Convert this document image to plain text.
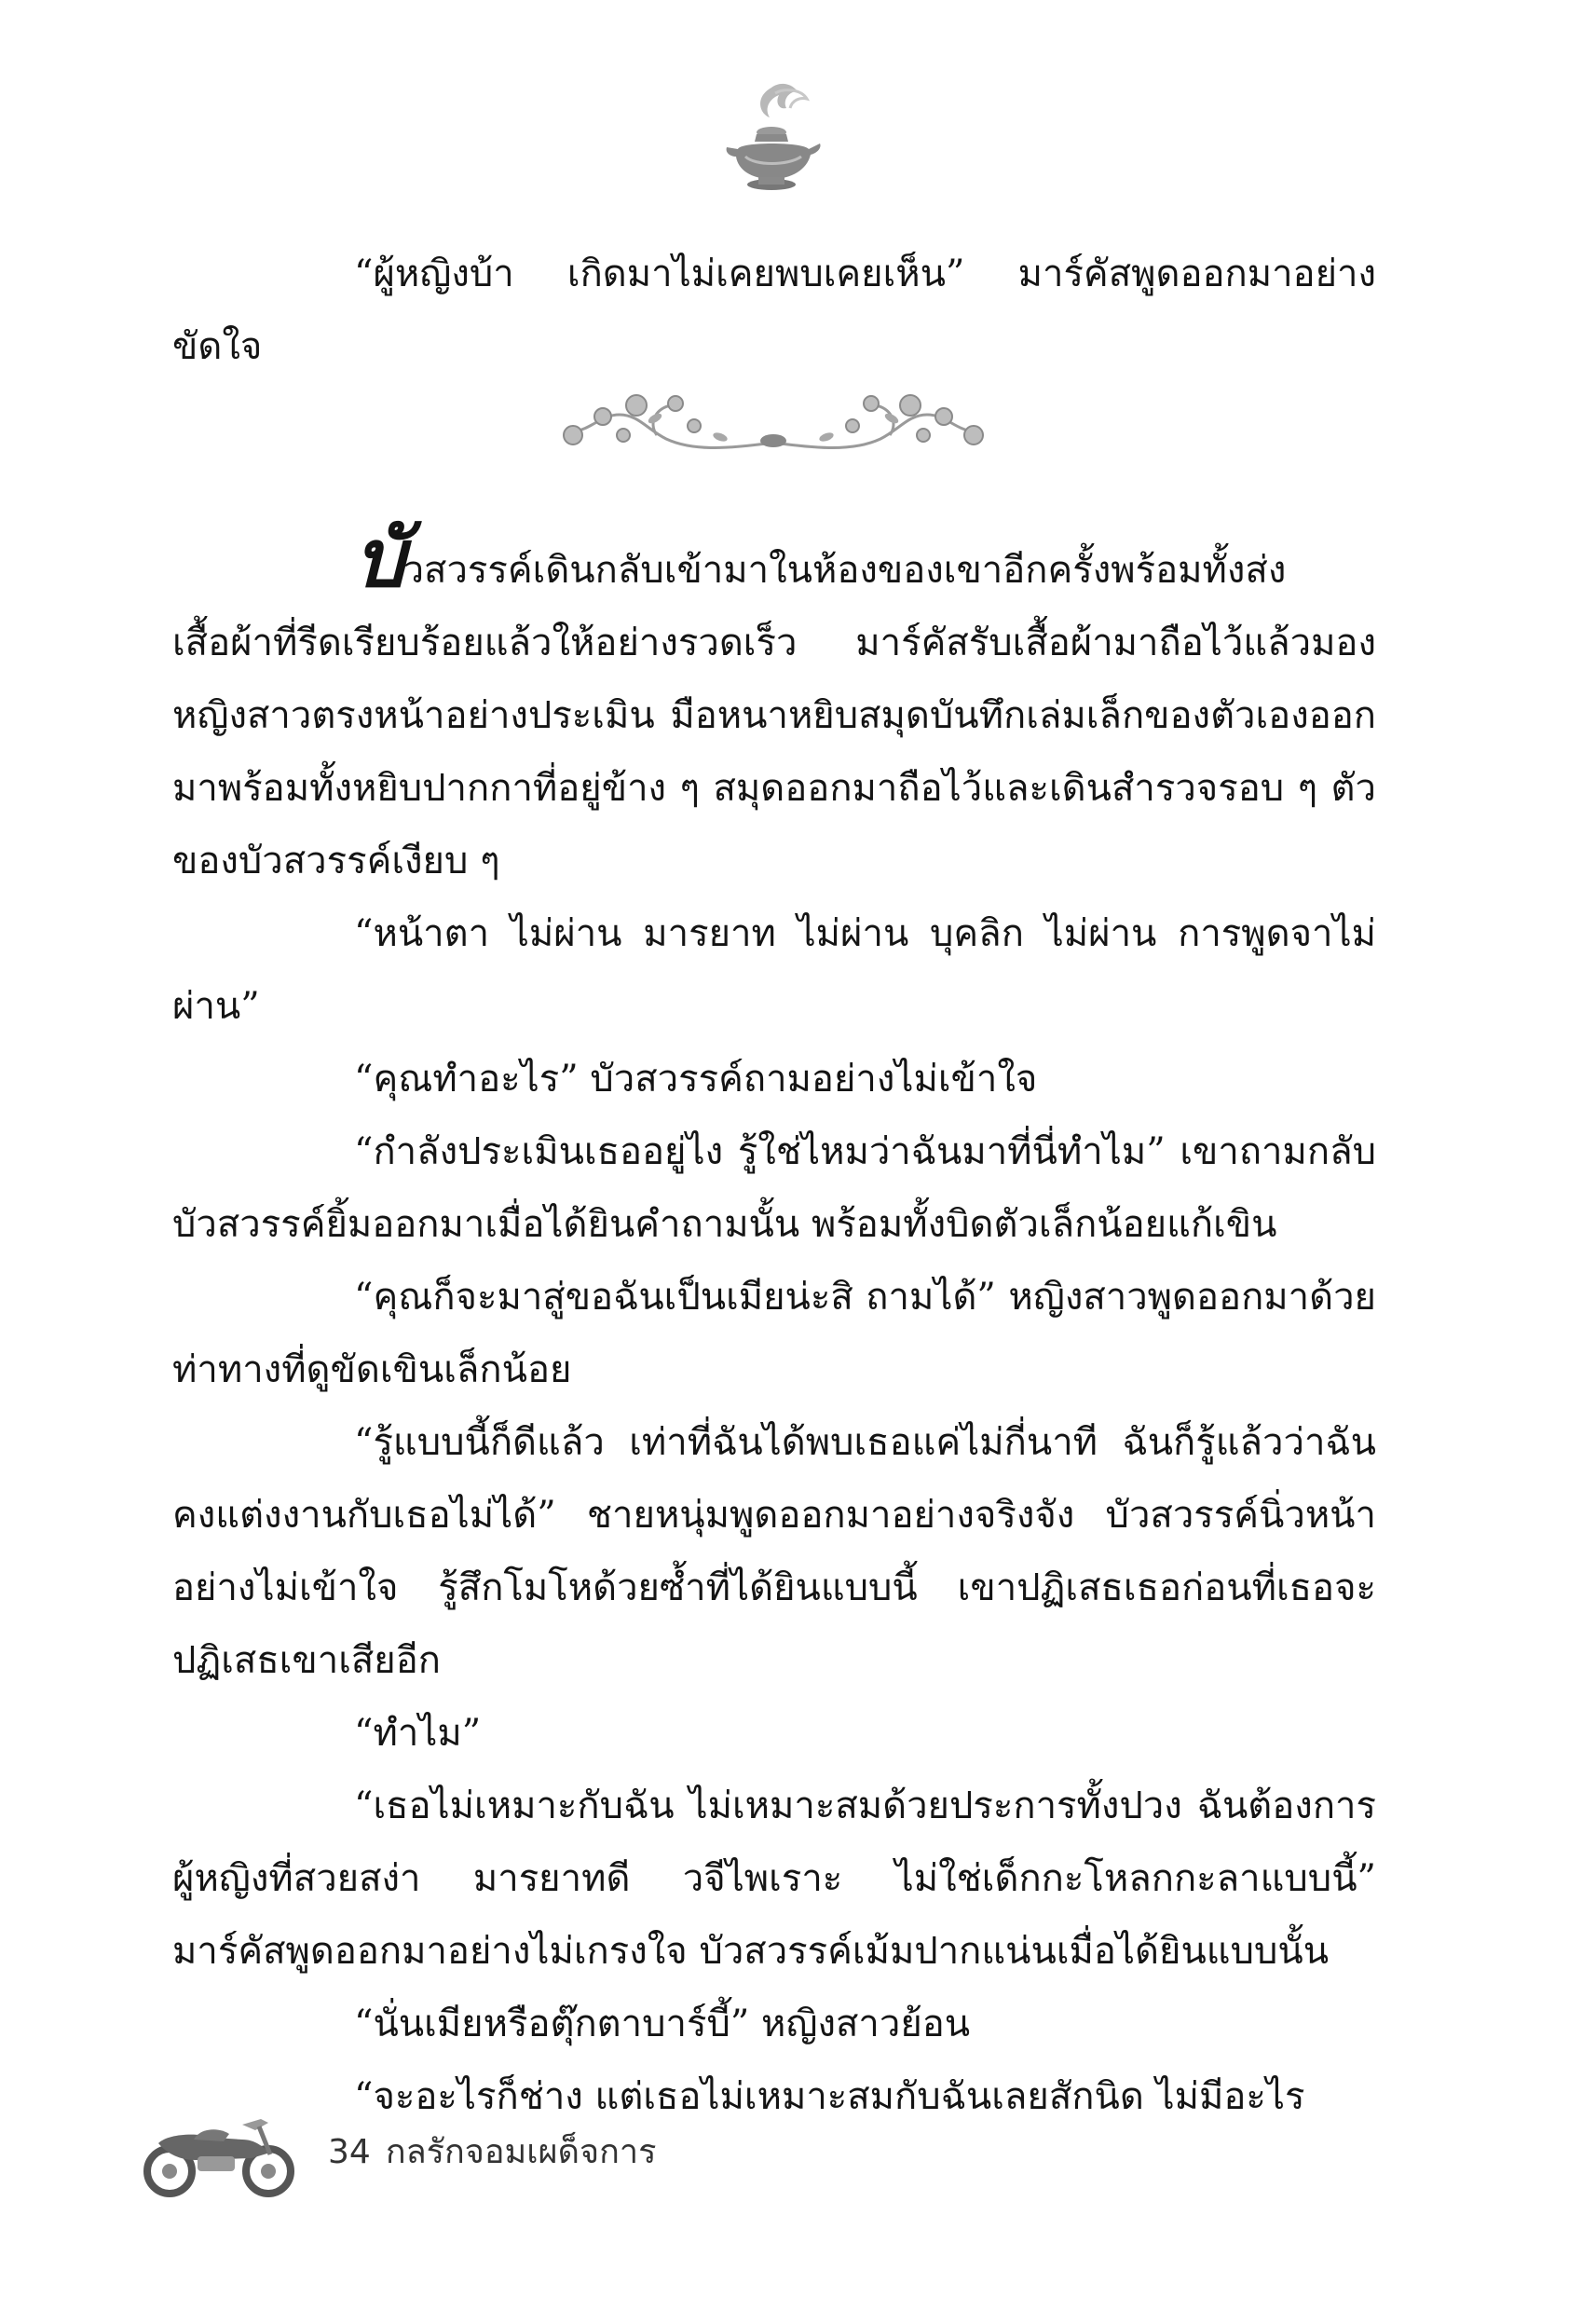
“ผู้หญิงบ้า เกิดมาไม่เคยพบเคยเห็น” มาร์คัสพูดออกมาอย่างขัดใจ

บัวสวรรค์เดินกลับเข้ามาในห้องของเขาอีกครั้งพร้อมทั้งส่งเสื้อผ้าที่รีดเรียบร้อยแล้วให้อย่างรวดเร็ว มาร์คัสรับเสื้อผ้ามาถือไว้แล้วมองหญิงสาวตรงหน้าอย่างประเมิน มือหนาหยิบสมุดบันทึกเล่มเล็กของตัวเองออกมาพร้อมทั้งหยิบปากกาที่อยู่ข้าง ๆ สมุดออกมาถือไว้และเดินสำรวจรอบ ๆ ตัวของบัวสวรรค์เงียบ ๆ

“หน้าตา ไม่ผ่าน มารยาท ไม่ผ่าน บุคลิก ไม่ผ่าน การพูดจาไม่ผ่าน”

“คุณทำอะไร” บัวสวรรค์ถามอย่างไม่เข้าใจ

“กำลังประเมินเธออยู่ไง รู้ใช่ไหมว่าฉันมาที่นี่ทำไม” เขาถามกลับ บัวสวรรค์ยิ้มออกมาเมื่อได้ยินคำถามนั้น พร้อมทั้งบิดตัวเล็กน้อยแก้เขิน

“คุณก็จะมาสู่ขอฉันเป็นเมียน่ะสิ ถามได้” หญิงสาวพูดออกมาด้วยท่าทางที่ดูขัดเขินเล็กน้อย

“รู้แบบนี้ก็ดีแล้ว เท่าที่ฉันได้พบเธอแค่ไม่กี่นาที ฉันก็รู้แล้วว่าฉันคงแต่งงานกับเธอไม่ได้” ชายหนุ่มพูดออกมาอย่างจริงจัง บัวสวรรค์นิ่วหน้าอย่างไม่เข้าใจ รู้สึกโมโหด้วยซ้ำที่ได้ยินแบบนี้ เขาปฏิเสธเธอก่อนที่เธอจะปฏิเสธเขาเสียอีก

“ทำไม”

“เธอไม่เหมาะกับฉัน ไม่เหมาะสมด้วยประการทั้งปวง ฉันต้องการผู้หญิงที่สวยสง่า มารยาทดี วจีไพเราะ ไม่ใช่เด็กกะโหลกกะลาแบบนี้” มาร์คัสพูดออกมาอย่างไม่เกรงใจ บัวสวรรค์เม้มปากแน่นเมื่อได้ยินแบบนั้น

“นั่นเมียหรือตุ๊กตาบาร์บี้” หญิงสาวย้อน

“จะอะไรก็ช่าง แต่เธอไม่เหมาะสมกับฉันเลยสักนิด ไม่มีอะไร

34 กลรักจอมเผด็จการ
